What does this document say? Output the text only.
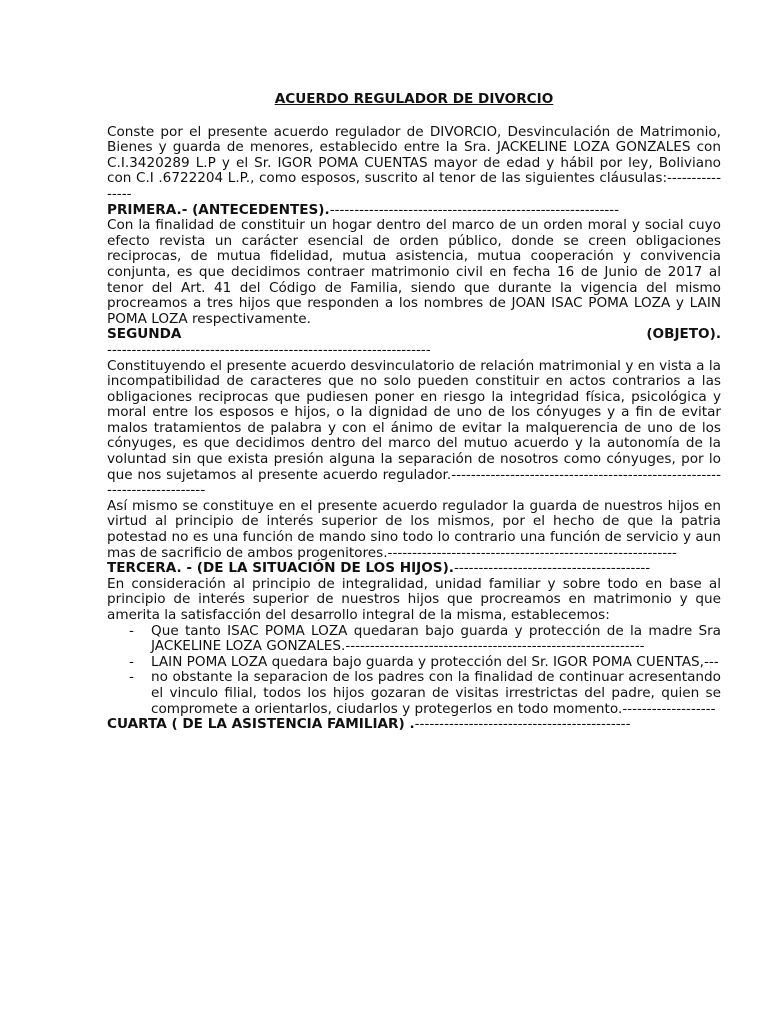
ACUERDO REGULADOR DE DIVORCIO

Conste por el presente acuerdo regulador de DIVORCIO, Desvinculación de Matrimonio, Bienes y guarda de menores, establecido entre la Sra. JACKELINE LOZA GONZALES con C.I.3420289 L.P y el Sr. IGOR POMA CUENTAS mayor de edad y hábil por ley, Boliviano con C.I .6722204 L.P., como esposos, suscrito al tenor de las siguientes cláusulas:----------------

PRIMERA.- (ANTECEDENTES).-----------------------------------------------------------

Con la finalidad de constituir un hogar dentro del marco de un orden moral y social cuyo efecto revista un carácter esencial de orden público, donde se creen obligaciones reciprocas, de mutua fidelidad, mutua asistencia, mutua cooperación y convivencia conjunta, es que decidimos contraer matrimonio civil en fecha 16 de Junio de 2017 al tenor del Art. 41 del Código de Familia, siendo que durante la vigencia del mismo procreamos a tres hijos que responden a los nombres de JOAN ISAC POMA LOZA y LAIN POMA LOZA respectivamente.

SEGUNDA	(OBJETO).
------------------------------------------------------------------

Constituyendo el presente acuerdo desvinculatorio de relación matrimonial y en vista a la incompatibilidad de caracteres que no solo pueden constituir en actos contrarios a las obligaciones reciprocas que pudiesen poner en riesgo la integridad física, psicológica y moral entre los esposos e hijos, o la dignidad de uno de los cónyuges y a fin de evitar malos tratamientos de palabra y con el ánimo de evitar la malquerencia de uno de los cónyuges, es que decidimos dentro del marco del mutuo acuerdo y la autonomía de la voluntad sin que exista presión alguna la separación de nosotros como cónyuges, por lo que nos sujetamos al presente acuerdo regulador.---------------------------------------------------------------------------

Así mismo se constituye en el presente acuerdo regulador la guarda de nuestros hijos en virtud al principio de interés superior de los mismos, por el hecho de que la patria potestad no es una función de mando sino todo lo contrario una función de servicio y aun mas de sacrificio de ambos progenitores.-----------------------------------------------------------

TERCERA. - (DE LA SITUACIÓN DE LOS HIJOS).----------------------------------------

En consideración al principio de integralidad, unidad familiar y sobre todo en base al principio de interés superior de nuestros hijos que procreamos en matrimonio y que amerita la satisfacción del desarrollo integral de la misma, establecemos:

- Que tanto ISAC POMA LOZA quedaran bajo guarda y protección de la madre Sra JACKELINE LOZA GONZALES.-------------------------------------------------------------
- LAIN POMA LOZA quedara bajo guarda y protección del Sr. IGOR POMA CUENTAS,---
- no obstante la separacion de los padres con la finalidad de continuar acresentando el vinculo filial, todos los hijos gozaran de visitas irrestrictas del padre, quien se compromete a orientarlos, ciudarlos y protegerlos en todo momento.-------------------
CUARTA ( DE LA ASISTENCIA FAMILIAR) .--------------------------------------------
